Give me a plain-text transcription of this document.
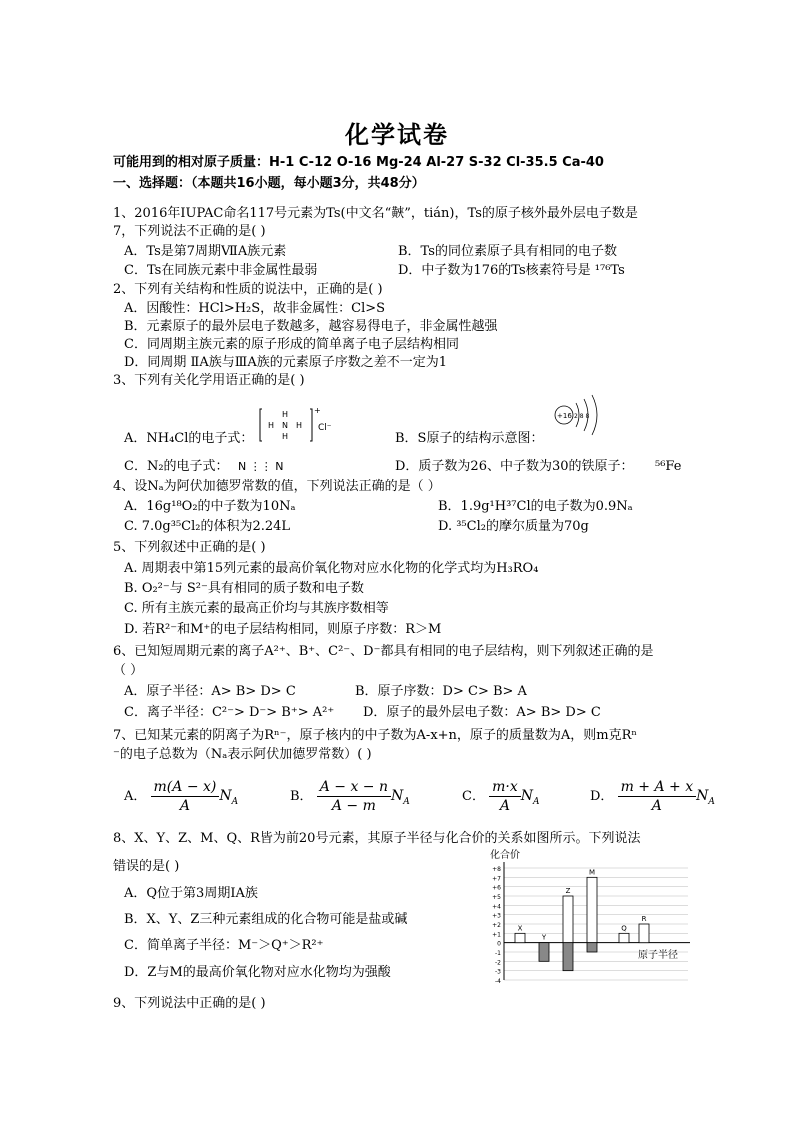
化学试卷
可能用到的相对原子质量：H-1 C-12 O-16 Mg-24 Al-27 S-32 Cl-35.5 Ca-40
一、选择题：（本题共16小题，每小题3分，共48分）
1、2016年IUPAC命名117号元素为Ts(中文名“䵌”，tián)，Ts的原子核外最外层电子数是
7，下列说法不正确的是( )
A．Ts是第7周期ⅦA族元素	B．Ts的同位素原子具有相同的电子数
C．Ts在同族元素中非金属性最弱	D．中子数为176的Ts核素符号是 ¹⁷⁶Ts
2、下列有关结构和性质的说法中，正确的是( )
A．因酸性：HCl>H₂S，故非金属性：Cl>S
B．元素原子的最外层电子数越多，越容易得电子，非金属性越强
C．同周期主族元素的原子形成的简单离子电子层结构相同
D．同周期 ⅡA族与ⅢA族的元素原子序数之差不一定为1
3、下列有关化学用语正确的是( )
A．NH₄Cl的电子式：
H
H N H
H
+
Cl⁻
B．S原子的结构示意图：
+16 2 8 8
C．N₂的电子式： N ⋮⋮ N	D．质子数为26、中子数为30的铁原子： ⁵⁶Fe
4、设Nₐ为阿伏加德罗常数的值，下列说法正确的是（ ）
A．16g¹⁸O₂的中子数为10Nₐ	B．1.9g¹H³⁷Cl的电子数为0.9Nₐ
C. 7.0g³⁵Cl₂的体积为2.24L	D. ³⁵Cl₂的摩尔质量为70g
5、下列叙述中正确的是( )
A. 周期表中第15列元素的最高价氧化物对应水化物的化学式均为H₃RO₄
B. O₂²⁻与 S²⁻具有相同的质子数和电子数
C. 所有主族元素的最高正价均与其族序数相等
D. 若R²⁻和M⁺的电子层结构相同，则原子序数：R＞M
6、已知短周期元素的离子A²⁺、B⁺、C²⁻、D⁻都具有相同的电子层结构，则下列叙述正确的是
（ ）
A．原子半径：A> B> D> C	B．原子序数：D> C> B> A
C．离子半径：C²⁻> D⁻> B⁺> A²⁺ D．原子的最外层电子数：A> B> D> C
7、已知某元素的阴离子为Rⁿ⁻，原子核内的中子数为A-x+n，原子的质量数为A，则m克Rⁿ
⁻的电子总数为（Nₐ表示阿伏加德罗常数）( )
A． $\frac{m(A - x)}{A} N_A$	B． $\frac{A - x - n}{A - m} N_A$	C． $\frac{m\cdot x}{A} N_A$	D． $\frac{m + A + x}{A} N_A$
8、X、Y、Z、M、Q、R皆为前20号元素，其原子半径与化合价的关系如图所示。下列说法
错误的是( )
A．Q位于第3周期ⅠA族
B．X、Y、Z三种元素组成的化合物可能是盐或碱
C．简单离子半径：M⁻＞Q⁺＞R²⁺
D．Z与M的最高价氧化物对应水化物均为强酸
化合价
原子半径
+8
+7
+6
+5
+4
+3
+2
+1
0
-1
-2
-3
-4
X
Y
Z
M
Q
R
9、下列说法中正确的是( )
